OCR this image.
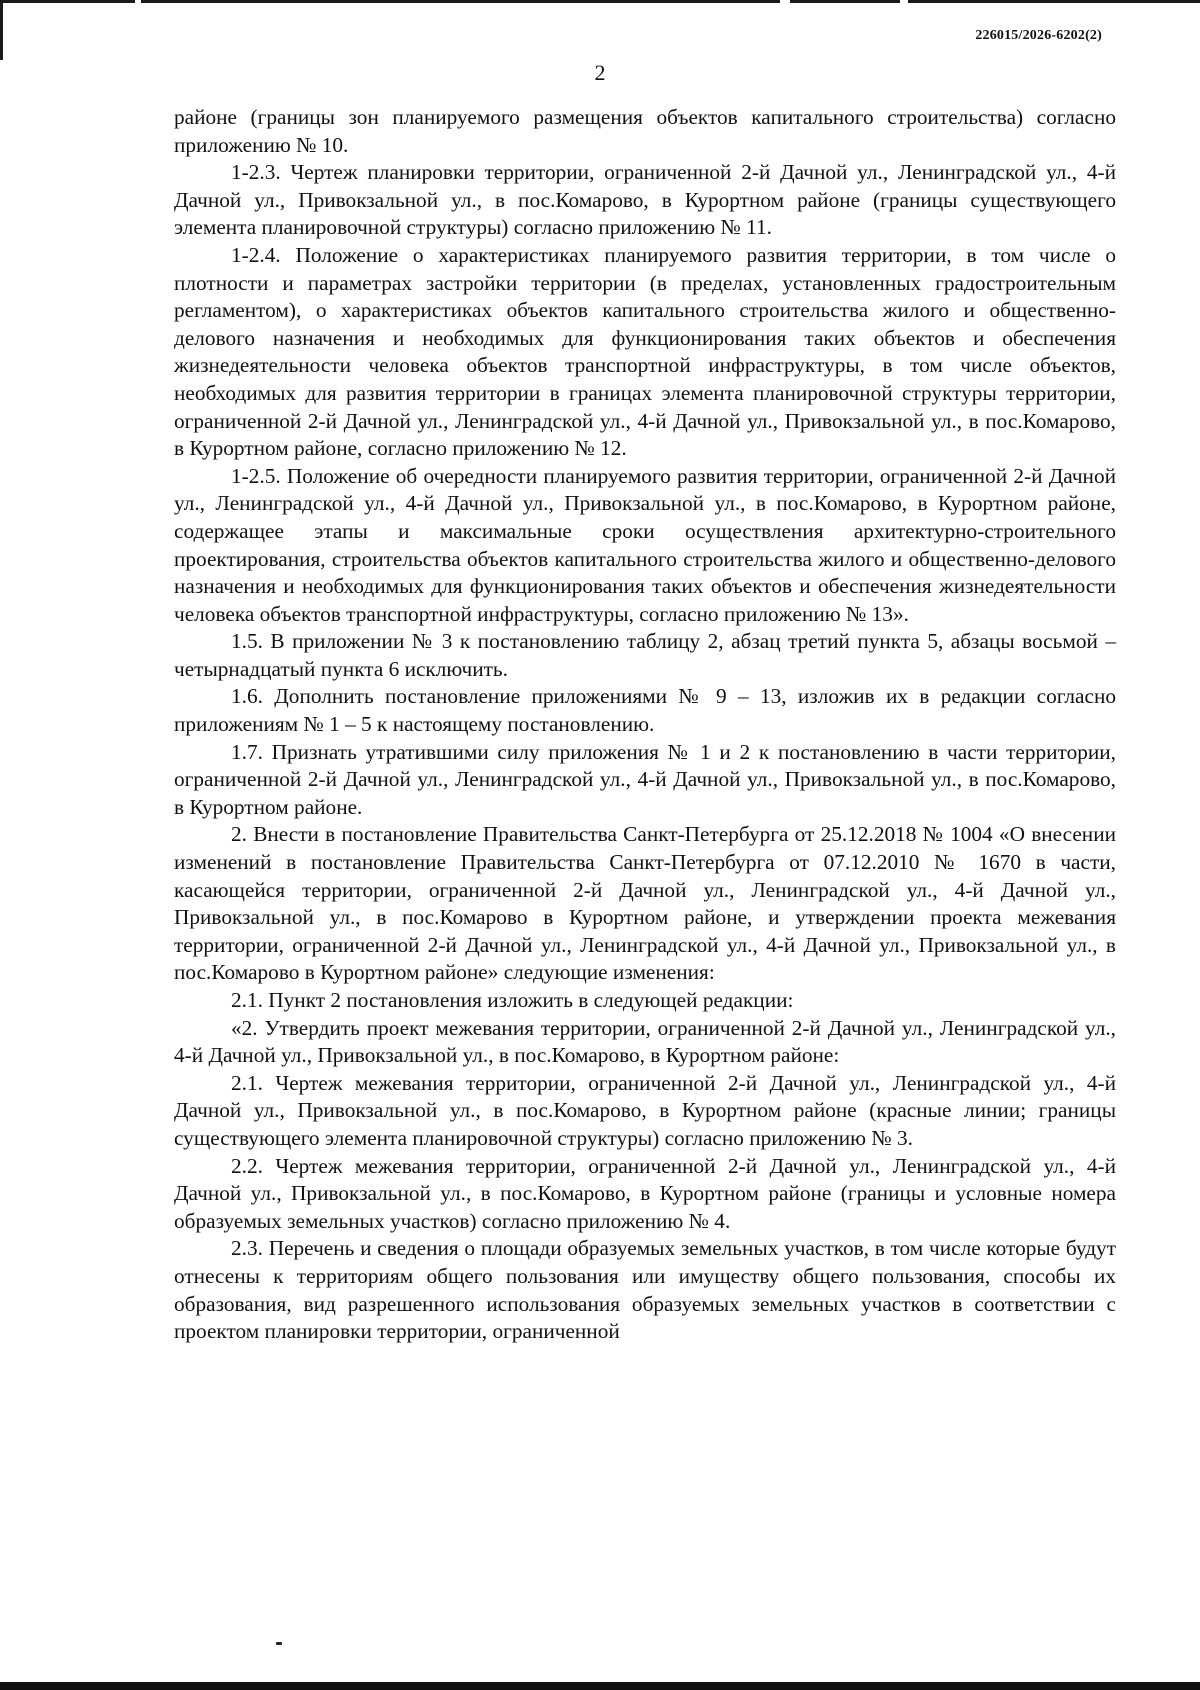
226015/2026-6202(2)
2

районе (границы зон планируемого размещения объектов капитального строительства) согласно приложению № 10.

1-2.3. Чертеж планировки территории, ограниченной 2-й Дачной ул., Ленинградской ул., 4-й Дачной ул., Привокзальной ул., в пос.Комарово, в Курортном районе (границы существующего элемента планировочной структуры) согласно приложению № 11.

1-2.4. Положение о характеристиках планируемого развития территории, в том числе о плотности и параметрах застройки территории (в пределах, установленных градостроительным регламентом), о характеристиках объектов капитального строительства жилого и общественно-делового назначения и необходимых для функционирования таких объектов и обеспечения жизнедеятельности человека объектов транспортной инфраструктуры, в том числе объектов, необходимых для развития территории в границах элемента планировочной структуры территории, ограниченной 2-й Дачной ул., Ленинградской ул., 4-й Дачной ул., Привокзальной ул., в пос.Комарово, в Курортном районе, согласно приложению № 12.

1-2.5. Положение об очередности планируемого развития территории, ограниченной 2-й Дачной ул., Ленинградской ул., 4-й Дачной ул., Привокзальной ул., в пос.Комарово, в Курортном районе, содержащее этапы и максимальные сроки осуществления архитектурно-строительного проектирования, строительства объектов капитального строительства жилого и общественно-делового назначения и необходимых для функционирования таких объектов и обеспечения жизнедеятельности человека объектов транспортной инфраструктуры, согласно приложению № 13».

1.5. В приложении № 3 к постановлению таблицу 2, абзац третий пункта 5, абзацы восьмой – четырнадцатый пункта 6 исключить.

1.6. Дополнить постановление приложениями № 9 – 13, изложив их в редакции согласно приложениям № 1 – 5 к настоящему постановлению.

1.7. Признать утратившими силу приложения № 1 и 2 к постановлению в части территории, ограниченной 2-й Дачной ул., Ленинградской ул., 4-й Дачной ул., Привокзальной ул., в пос.Комарово, в Курортном районе.

2. Внести в постановление Правительства Санкт-Петербурга от 25.12.2018 № 1004 «О внесении изменений в постановление Правительства Санкт-Петербурга от 07.12.2010 № 1670 в части, касающейся территории, ограниченной 2-й Дачной ул., Ленинградской ул., 4-й Дачной ул., Привокзальной ул., в пос.Комарово в Курортном районе, и утверждении проекта межевания территории, ограниченной 2-й Дачной ул., Ленинградской ул., 4-й Дачной ул., Привокзальной ул., в пос.Комарово в Курортном районе» следующие изменения:

2.1. Пункт 2 постановления изложить в следующей редакции:

«2. Утвердить проект межевания территории, ограниченной 2-й Дачной ул., Ленинградской ул., 4-й Дачной ул., Привокзальной ул., в пос.Комарово, в Курортном районе:

2.1. Чертеж межевания территории, ограниченной 2-й Дачной ул., Ленинградской ул., 4-й Дачной ул., Привокзальной ул., в пос.Комарово, в Курортном районе (красные линии; границы существующего элемента планировочной структуры) согласно приложению № 3.

2.2. Чертеж межевания территории, ограниченной 2-й Дачной ул., Ленинградской ул., 4-й Дачной ул., Привокзальной ул., в пос.Комарово, в Курортном районе (границы и условные номера образуемых земельных участков) согласно приложению № 4.

2.3. Перечень и сведения о площади образуемых земельных участков, в том числе которые будут отнесены к территориям общего пользования или имуществу общего пользования, способы их образования, вид разрешенного использования образуемых земельных участков в соответствии с проектом планировки территории, ограниченной
